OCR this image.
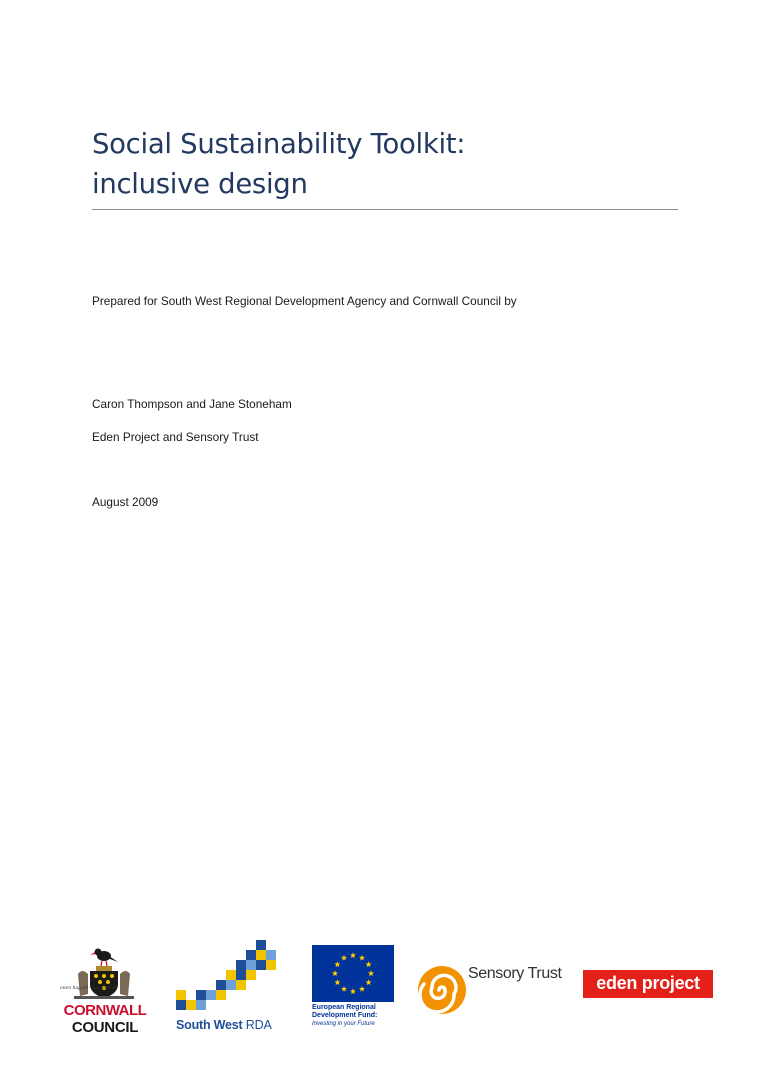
Social Sustainability Toolkit:
inclusive design
Prepared for South West Regional Development Agency and Cornwall Council by
Caron Thompson and Jane Stoneham
Eden Project and Sensory Trust
August 2009
onen hag oll · one and all
CORNWALL
COUNCIL	South West RDA
European Regional
Development Fund:
Investing in your Future
Sensory Trust	eden project
